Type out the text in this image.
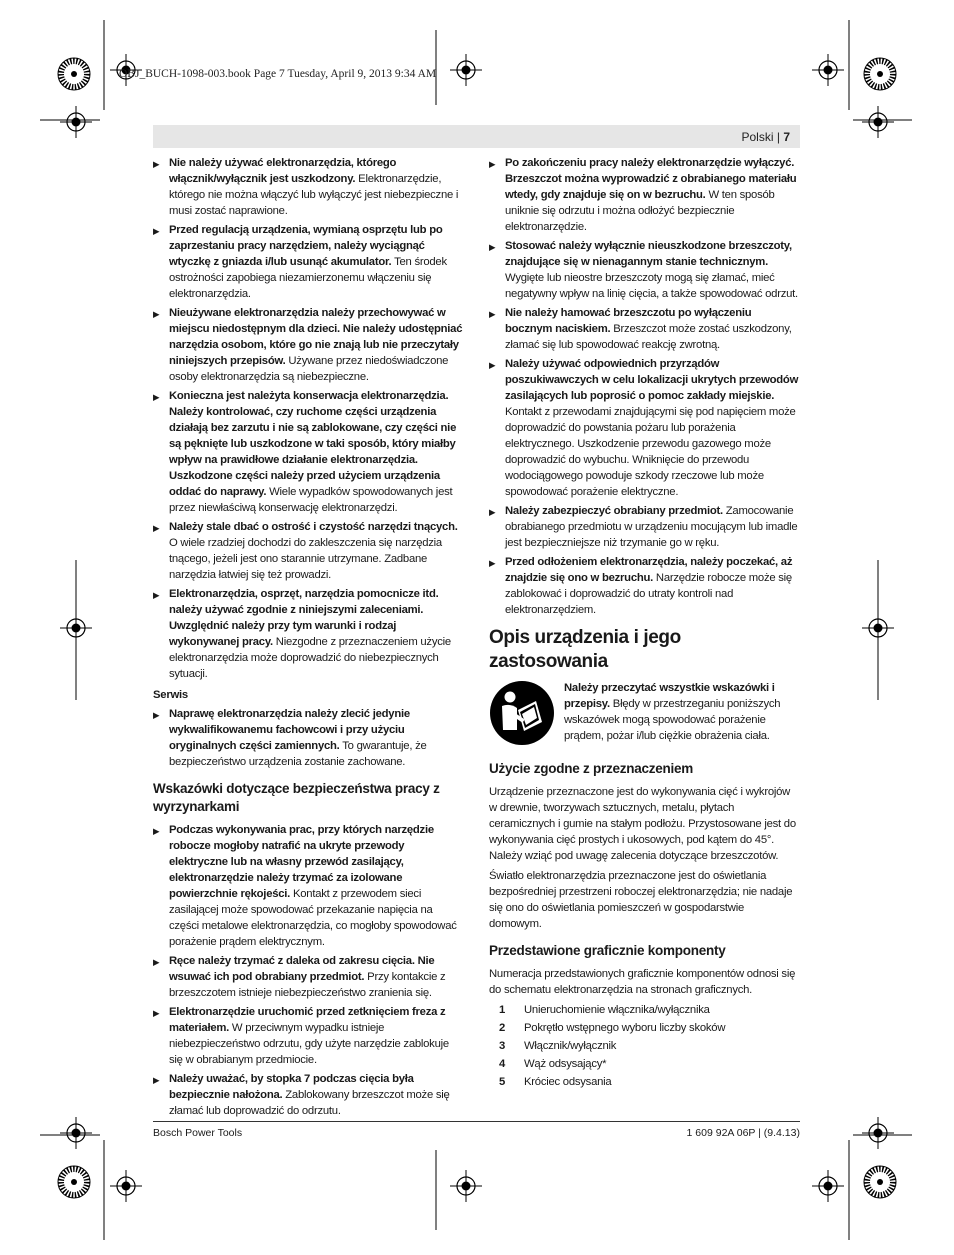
OBJ_BUCH-1098-003.book Page 7 Tuesday, April 9, 2013 9:34 AM
Polski | 7
▶ Nie należy używać elektronarzędzia, którego włącznik/wyłącznik jest uszkodzony. Elektronarzędzie, którego nie można włączyć lub wyłączyć jest niebezpieczne i musi zostać naprawione.
▶ Przed regulacją urządzenia, wymianą osprzętu lub po zaprzestaniu pracy narzędziem, należy wyciągnąć wtyczkę z gniazda i/lub usunąć akumulator. Ten środek ostrożności zapobiega niezamierzonemu włączeniu się elektronarzędzia.
▶ Nieużywane elektronarzędzia należy przechowywać w miejscu niedostępnym dla dzieci. Nie należy udostępniać narzędzia osobom, które go nie znają lub nie przeczytały niniejszych przepisów. Używane przez niedoświadczone osoby elektronarzędzia są niebezpieczne.
▶ Konieczna jest należyta konserwacja elektronarzędzia. Należy kontrolować, czy ruchome części urządzenia działają bez zarzutu i nie są zablokowane, czy części nie są pęknięte lub uszkodzone w taki sposób, który miałby wpływ na prawidłowe działanie elektronarzędzia. Uszkodzone części należy przed użyciem urządzenia oddać do naprawy. Wiele wypadków spowodowanych jest przez niewłaściwą konserwację elektronarzędzi.
▶ Należy stale dbać o ostrość i czystość narzędzi tnących. O wiele rzadziej dochodzi do zakleszczenia się narzędzia tnącego, jeżeli jest ono starannie utrzymane. Zadbane narzędzia łatwiej się też prowadzi.
▶ Elektronarzędzia, osprzęt, narzędzia pomocnicze itd. należy używać zgodnie z niniejszymi zaleceniami. Uwzględnić należy przy tym warunki i rodzaj wykonywanej pracy. Niezgodne z przeznaczeniem użycie elektronarzędzia może doprowadzić do niebezpiecznych sytuacji.
Serwis
▶ Naprawę elektronarzędzia należy zlecić jedynie wykwalifikowanemu fachowcowi i przy użyciu oryginalnych części zamiennych. To gwarantuje, że bezpieczeństwo urządzenia zostanie zachowane.
Wskazówki dotyczące bezpieczeństwa pracy z wyrzynarkami
▶ Podczas wykonywania prac, przy których narzędzie robocze mogłoby natrafić na ukryte przewody elektryczne lub na własny przewód zasilający, elektronarzędzie należy trzymać za izolowane powierzchnie rękojeści. Kontakt z przewodem sieci zasilającej może spowodować przekazanie napięcia na części metalowe elektronarzędzia, co mogłoby spowodować porażenie prądem elektrycznym.
▶ Ręce należy trzymać z daleka od zakresu cięcia. Nie wsuwać ich pod obrabiany przedmiot. Przy kontakcie z brzeszczotem istnieje niebezpieczeństwo zranienia się.
▶ Elektronarzędzie uruchomić przed zetknięciem freza z materiałem. W przeciwnym wypadku istnieje niebezpieczeństwo odrzutu, gdy użyte narzędzie zablokuje się w obrabianym przedmiocie.
▶ Należy uważać, by stopka 7 podczas cięcia była bezpiecznie nałożona. Zablokowany brzeszczot może się złamać lub doprowadzić do odrzutu.
▶ Po zakończeniu pracy należy elektronarzędzie wyłączyć. Brzeszczot można wyprowadzić z obrabianego materiału wtedy, gdy znajduje się on w bezruchu. W ten sposób uniknie się odrzutu i można odłożyć bezpiecznie elektronarzędzie.
▶ Stosować należy wyłącznie nieuszkodzone brzeszczoty, znajdujące się w nienagannym stanie technicznym. Wygięte lub nieostre brzeszczoty mogą się złamać, mieć negatywny wpływ na linię cięcia, a także spowodować odrzut.
▶ Nie należy hamować brzeszczotu po wyłączeniu bocznym naciskiem. Brzeszczot może zostać uszkodzony, złamać się lub spowodować reakcję zwrotną.
▶ Należy używać odpowiednich przyrządów poszukiwawczych w celu lokalizacji ukrytych przewodów zasilających lub poprosić o pomoc zakłady miejskie. Kontakt z przewodami znajdującymi się pod napięciem może doprowadzić do powstania pożaru lub porażenia elektrycznego. Uszkodzenie przewodu gazowego może doprowadzić do wybuchu. Wniknięcie do przewodu wodociągowego powoduje szkody rzeczowe lub może spowodować porażenie elektryczne.
▶ Należy zabezpieczyć obrabiany przedmiot. Zamocowanie obrabianego przedmiotu w urządzeniu mocującym lub imadle jest bezpieczniejsze niż trzymanie go w ręku.
▶ Przed odłożeniem elektronarzędzia, należy poczekać, aż znajdzie się ono w bezruchu. Narzędzie robocze może się zablokować i doprowadzić do utraty kontroli nad elektronarzędziem.
Opis urządzenia i jego zastosowania
Należy przeczytać wszystkie wskazówki i przepisy. Błędy w przestrzeganiu poniższych wskazówek mogą spowodować porażenie prądem, pożar i/lub ciężkie obrażenia ciała.
Użycie zgodne z przeznaczeniem
Urządzenie przeznaczone jest do wykonywania cięć i wykrojów w drewnie, tworzywach sztucznych, metalu, płytach ceramicznych i gumie na stałym podłożu. Przystosowane jest do wykonywania cięć prostych i ukosowych, pod kątem do 45°. Należy wziąć pod uwagę zalecenia dotyczące brzeszczotów.
Światło elektronarzędzia przeznaczone jest do oświetlania bezpośredniej przestrzeni roboczej elektronarzędzia; nie nadaje się ono do oświetlania pomieszczeń w gospodarstwie domowym.
Przedstawione graficznie komponenty
Numeracja przedstawionych graficznie komponentów odnosi się do schematu elektronarzędzia na stronach graficznych.
1	Unieruchomienie włącznika/wyłącznika
2	Pokrętło wstępnego wyboru liczby skoków
3	Włącznik/wyłącznik
4	Wąż odsysający*
5	Króciec odsysania
Bosch Power Tools	1 609 92A 06P | (9.4.13)
